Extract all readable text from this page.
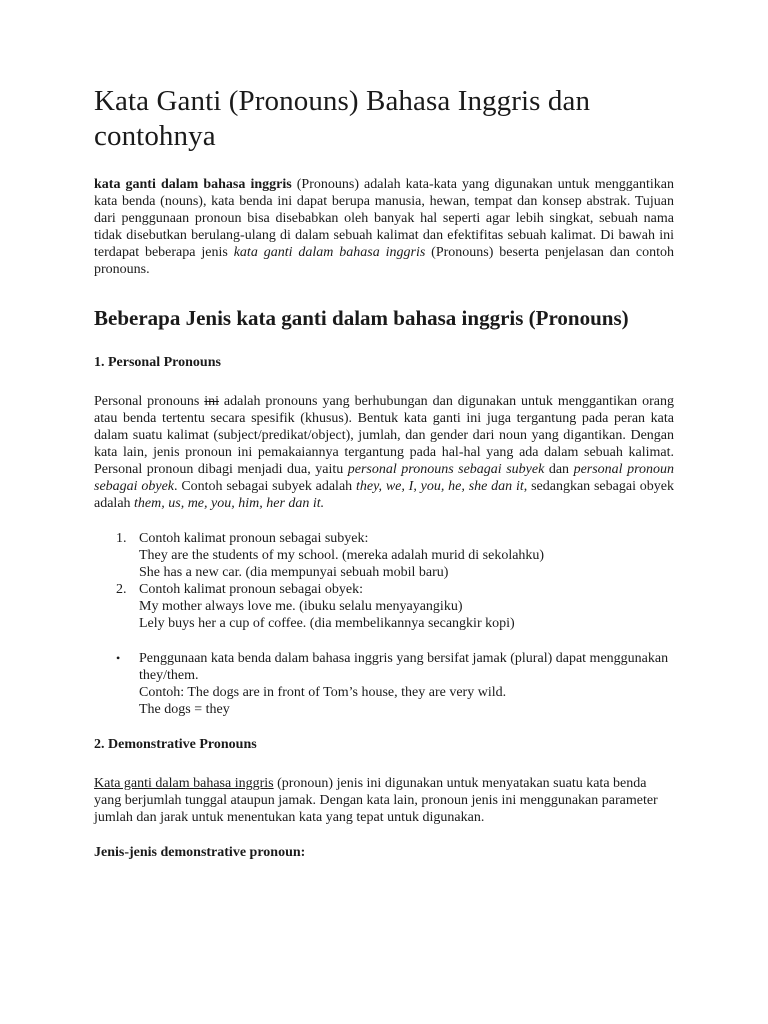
Kata Ganti (Pronouns) Bahasa Inggris dan contohnya

kata ganti dalam bahasa inggris (Pronouns) adalah kata-kata yang digunakan untuk menggantikan kata benda (nouns), kata benda ini dapat berupa manusia, hewan, tempat dan konsep abstrak. Tujuan dari penggunaan pronoun bisa disebabkan oleh banyak hal seperti agar lebih singkat, sebuah nama tidak disebutkan berulang-ulang di dalam sebuah kalimat dan efektifitas sebuah kalimat. Di bawah ini terdapat beberapa jenis kata ganti dalam bahasa inggris (Pronouns) beserta penjelasan dan contoh pronouns.

Beberapa Jenis kata ganti dalam bahasa inggris (Pronouns)
1. Personal Pronouns

Personal pronouns ini adalah pronouns yang berhubungan dan digunakan untuk menggantikan orang atau benda tertentu secara spesifik (khusus). Bentuk kata ganti ini juga tergantung pada peran kata dalam suatu kalimat (subject/predikat/object), jumlah, dan gender dari noun yang digantikan. Dengan kata lain, jenis pronoun ini pemakaiannya tergantung pada hal-hal yang ada dalam sebuah kalimat. Personal pronoun dibagi menjadi dua, yaitu personal pronouns sebagai subyek dan personal pronoun sebagai obyek. Contoh sebagai subyek adalah they, we, I, you, he, she dan it, sedangkan sebagai obyek adalah them, us, me, you, him, her dan it.

1. Contoh kalimat pronoun sebagai subyek:
They are the students of my school. (mereka adalah murid di sekolahku)
She has a new car. (dia mempunyai sebuah mobil baru)
2. Contoh kalimat pronoun sebagai obyek:
My mother always love me. (ibuku selalu menyayangiku)
Lely buys her a cup of coffee. (dia membelikannya secangkir kopi)
• Penggunaan kata benda dalam bahasa inggris yang bersifat jamak (plural) dapat menggunakan they/them.
Contoh: The dogs are in front of Tom’s house, they are very wild.
The dogs = they
2. Demonstrative Pronouns

Kata ganti dalam bahasa inggris (pronoun) jenis ini digunakan untuk menyatakan suatu kata benda yang berjumlah tunggal ataupun jamak. Dengan kata lain, pronoun jenis ini menggunakan parameter jumlah dan jarak untuk menentukan kata yang tepat untuk digunakan.

Jenis-jenis demonstrative pronoun:
